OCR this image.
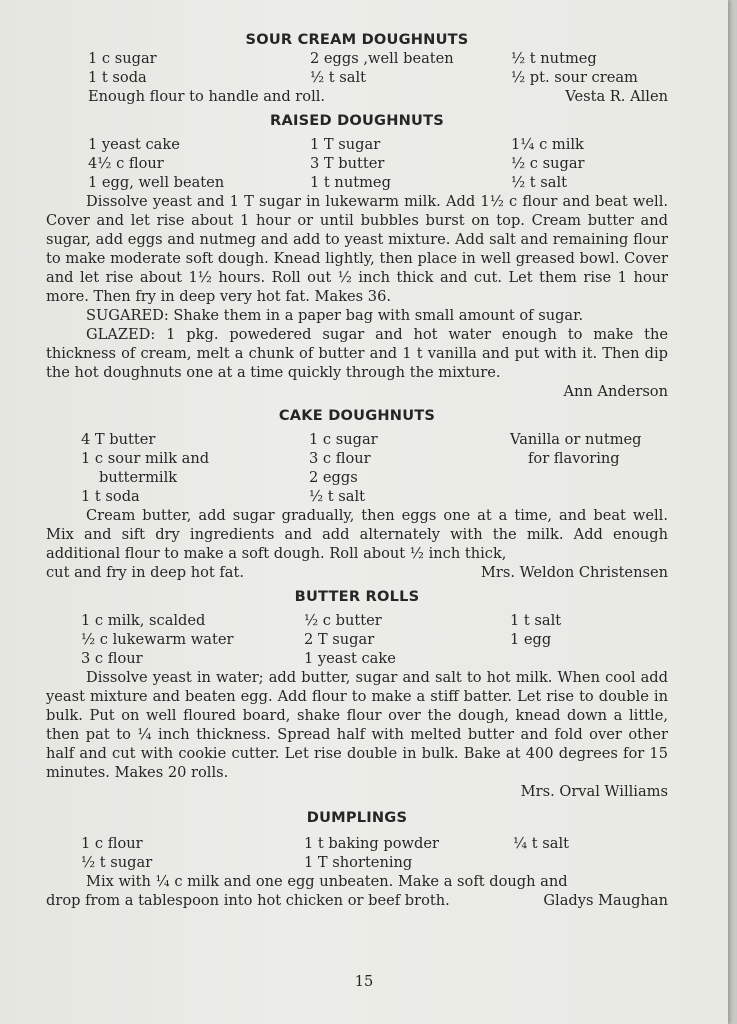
SOUR CREAM DOUGHNUTS
1 c sugar	2 eggs ,well beaten	½ t nutmeg
1 t soda	½ t salt	½ pt. sour cream
Enough flour to handle and roll.	Vesta R. Allen
RAISED DOUGHNUTS
1 yeast cake	1 T sugar	1¼ c milk
4½ c flour	3 T butter	½ c sugar
1 egg, well beaten	1 t nutmeg	½ t salt

Dissolve yeast and 1 T sugar in lukewarm milk. Add 1½ c flour and beat well. Cover and let rise about 1 hour or until bubbles burst on top. Cream butter and sugar, add eggs and nutmeg and add to yeast mixture. Add salt and remaining flour to make moderate soft dough. Knead lightly, then place in well greased bowl. Cover and let rise about 1½ hours. Roll out ½ inch thick and cut. Let them rise 1 hour more. Then fry in deep very hot fat. Makes 36.

SUGARED: Shake them in a paper bag with small amount of sugar.

GLAZED: 1 pkg. powedered sugar and hot water enough to make the thickness of cream, melt a chunk of butter and 1 t vanilla and put with it. Then dip the hot doughnuts one at a time quickly through the mixture.

Ann Anderson

CAKE DOUGHNUTS
4 T butter	1 c sugar	Vanilla or nutmeg
1 c sour milk and	3 c flour	for flavoring
buttermilk	2 eggs
1 t soda	½ t salt

Cream butter, add sugar gradually, then eggs one at a time, and beat well. Mix and sift dry ingredients and add alternately with the milk. Add enough additional flour to make a soft dough. Roll about ½ inch thick,

cut and fry in deep hot fat.	Mrs. Weldon Christensen
BUTTER ROLLS
1 c milk, scalded	½ c butter	1 t salt
½ c lukewarm water	2 T sugar	1 egg
3 c flour	1 yeast cake

Dissolve yeast in water; add butter, sugar and salt to hot milk. When cool add yeast mixture and beaten egg. Add flour to make a stiff batter. Let rise to double in bulk. Put on well floured board, shake flour over the dough, knead down a little, then pat to ¼ inch thickness. Spread half with melted butter and fold over other half and cut with cookie cutter. Let rise double in bulk. Bake at 400 degrees for 15 minutes. Makes 20 rolls.

Mrs. Orval Williams

DUMPLINGS
1 c flour	1 t baking powder	¼ t salt
½ t sugar	1 T shortening

Mix with ¼ c milk and one egg unbeaten. Make a soft dough and

drop from a tablespoon into hot chicken or beef broth.	Gladys Maughan
15
